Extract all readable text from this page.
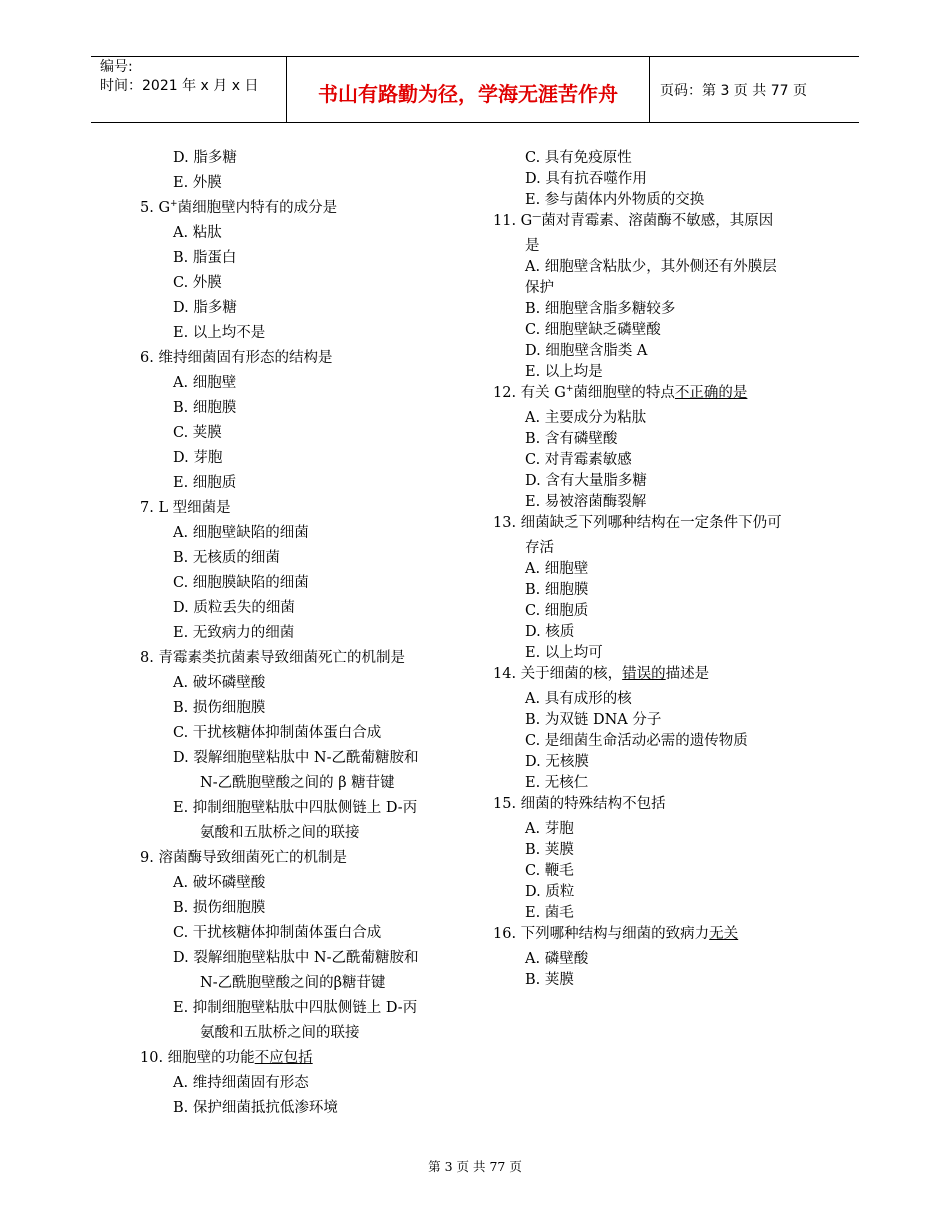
编号:
时间：2021 年 x 月 x 日	书山有路勤为径，学海无涯苦作舟	页码：第 3 页 共 77 页
D. 脂多糖
E. 外膜
5. G+菌细胞壁内特有的成分是
A. 粘肽
B. 脂蛋白
C. 外膜
D. 脂多糖
E. 以上均不是
6. 维持细菌固有形态的结构是
A. 细胞壁
B. 细胞膜
C. 荚膜
D. 芽胞
E. 细胞质
7. L 型细菌是
A. 细胞壁缺陷的细菌
B. 无核质的细菌
C. 细胞膜缺陷的细菌
D. 质粒丢失的细菌
E. 无致病力的细菌
8. 青霉素类抗菌素导致细菌死亡的机制是
A. 破坏磷壁酸
B. 损伤细胞膜
C. 干扰核糖体抑制菌体蛋白合成
D. 裂解细胞壁粘肽中 N-乙酰葡糖胺和
N-乙酰胞壁酸之间的 β 糖苷键
E. 抑制细胞壁粘肽中四肽侧链上 D-丙
氨酸和五肽桥之间的联接
9. 溶菌酶导致细菌死亡的机制是
A. 破坏磷壁酸
B. 损伤细胞膜
C. 干扰核糖体抑制菌体蛋白合成
D. 裂解细胞壁粘肽中 N-乙酰葡糖胺和
N-乙酰胞壁酸之间的β糖苷键
E. 抑制细胞壁粘肽中四肽侧链上 D-丙
氨酸和五肽桥之间的联接
10. 细胞壁的功能不应包括
A. 维持细菌固有形态
B. 保护细菌抵抗低渗环境
C. 具有免疫原性
D. 具有抗吞噬作用
E. 参与菌体内外物质的交换
11. G—菌对青霉素、溶菌酶不敏感，其原因
是
A. 细胞壁含粘肽少，其外侧还有外膜层
保护
B. 细胞壁含脂多糖较多
C. 细胞壁缺乏磷壁酸
D. 细胞壁含脂类 A
E. 以上均是
12. 有关 G+菌细胞壁的特点不正确的是
A. 主要成分为粘肽
B. 含有磷壁酸
C. 对青霉素敏感
D. 含有大量脂多糖
E. 易被溶菌酶裂解
13. 细菌缺乏下列哪种结构在一定条件下仍可
存活
A. 细胞壁
B. 细胞膜
C. 细胞质
D. 核质
E. 以上均可
14. 关于细菌的核，错误的描述是
A. 具有成形的核
B. 为双链 DNA 分子
C. 是细菌生命活动必需的遗传物质
D. 无核膜
E. 无核仁
15. 细菌的特殊结构不包括
A. 芽胞
B. 荚膜
C. 鞭毛
D. 质粒
E. 菌毛
16. 下列哪种结构与细菌的致病力无关
A. 磷壁酸
B. 荚膜
第 3 页 共 77 页
